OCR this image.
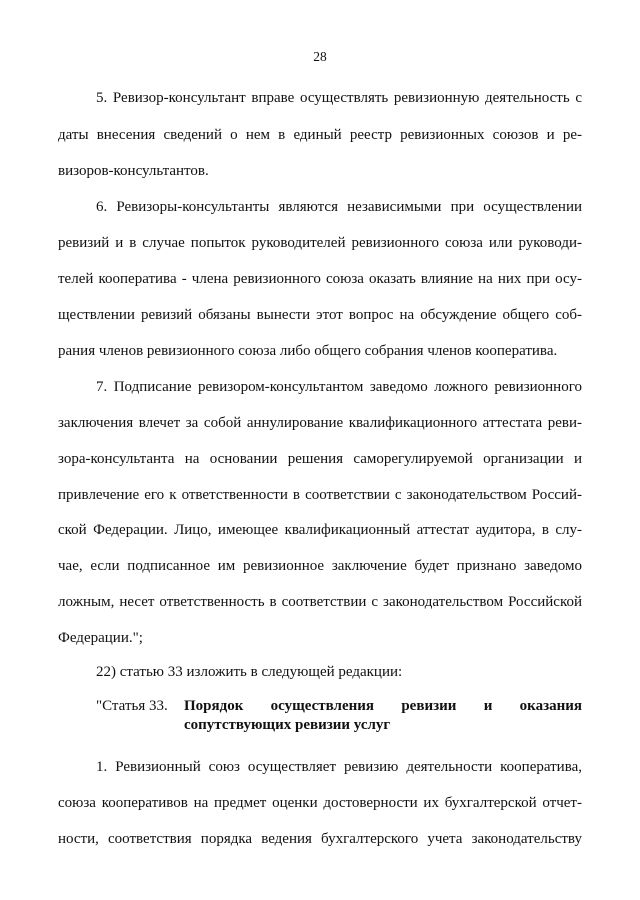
28
5. Ревизор-консультант вправе осуществлять ревизионную деятельность с
даты внесения сведений о нем в единый реестр ревизионных союзов и ре-
визоров-консультантов.
6. Ревизоры-консультанты являются независимыми при осуществлении
ревизий и в случае попыток руководителей ревизионного союза или руководи-
телей кооператива - члена ревизионного союза оказать влияние на них при осу-
ществлении ревизий обязаны вынести этот вопрос на обсуждение общего соб-
рания членов ревизионного союза либо общего собрания членов кооператива.
7. Подписание ревизором-консультантом заведомо ложного ревизионного
заключения влечет за собой аннулирование квалификационного аттестата реви-
зора-консультанта на основании решения саморегулируемой организации и
привлечение его к ответственности в соответствии с законодательством Россий-
ской Федерации. Лицо, имеющее квалификационный аттестат аудитора, в слу-
чае, если подписанное им ревизионное заключение будет признано заведомо
ложным, несет ответственность в соответствии с законодательством Российской
Федерации.";
22) статью 33 изложить в следующей редакции:
"Статья 33. Порядок осуществления ревизии и оказания
сопутствующих ревизии услуг
1. Ревизионный союз осуществляет ревизию деятельности кооператива,
союза кооперативов на предмет оценки достоверности их бухгалтерской отчет-
ности, соответствия порядка ведения бухгалтерского учета законодательству
